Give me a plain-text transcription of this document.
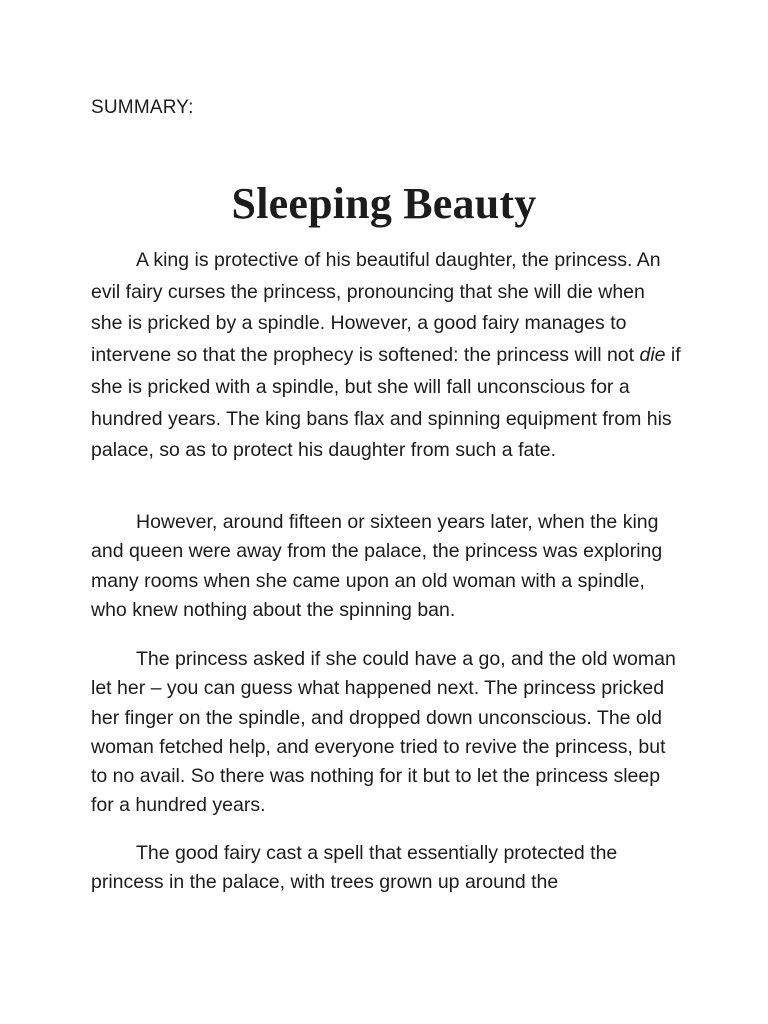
SUMMARY:

Sleeping Beauty

A king is protective of his beautiful daughter, the princess. An evil fairy curses the princess, pronouncing that she will die when she is pricked by a spindle. However, a good fairy manages to intervene so that the prophecy is softened: the princess will not die if she is pricked with a spindle, but she will fall unconscious for a hundred years. The king bans flax and spinning equipment from his palace, so as to protect his daughter from such a fate.

However, around fifteen or sixteen years later, when the king and queen were away from the palace, the princess was exploring many rooms when she came upon an old woman with a spindle, who knew nothing about the spinning ban.

The princess asked if she could have a go, and the old woman let her – you can guess what happened next. The princess pricked her finger on the spindle, and dropped down unconscious. The old woman fetched help, and everyone tried to revive the princess, but to no avail. So there was nothing for it but to let the princess sleep for a hundred years.

The good fairy cast a spell that essentially protected the princess in the palace, with trees grown up around the
